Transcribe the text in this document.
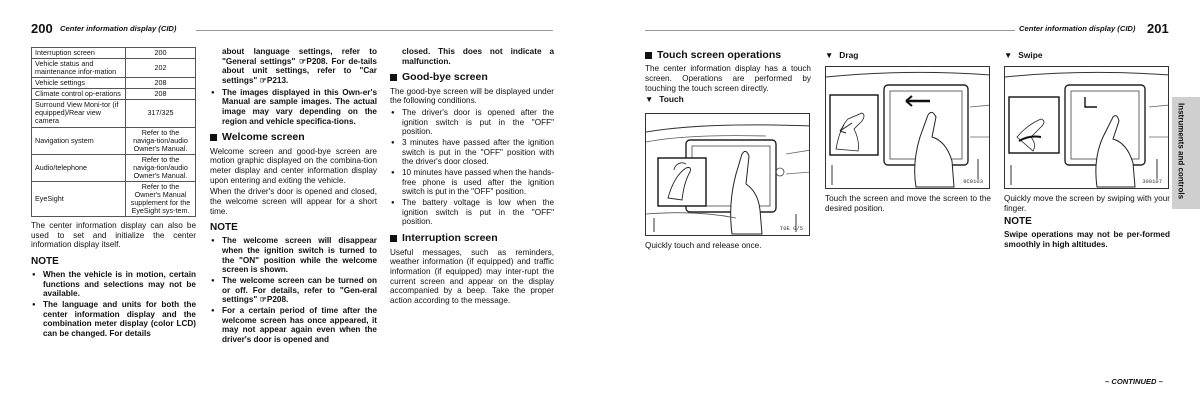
200 Center information display (CID)
Interruption screen	200
Vehicle status and maintenance infor-mation	202
Vehicle settings	208
Climate control op-erations	208
Surround View Moni-tor (if equipped)/Rear view camera	317/325
Navigation system	Refer to the naviga-tion/audio Owner's Manual.
Audio/telephone	Refer to the naviga-tion/audio Owner's Manual.
EyeSight	Refer to the Owner's Manual supplement for the EyeSight sys-tem.

The center information display can also be used to set and initialize the center information display itself.

NOTE
● When the vehicle is in motion, certain functions and selections may not be available.
● The language and units for both the center information display and the combination meter display (color LCD) can be changed. For details

about language settings, refer to "General settings" ☞P208. For de-tails about unit settings, refer to "Car settings" ☞P213.

● The images displayed in this Own-er's Manual are sample images. The actual image may vary depending on the region and vehicle specifica-tions.
Welcome screen

Welcome screen and good-bye screen are motion graphic displayed on the combina-tion meter display and center information display upon entering and exiting the vehicle.

When the driver's door is opened and closed, the welcome screen will appear for a short time.

NOTE
● The welcome screen will disappear when the ignition switch is turned to the "ON" position while the welcome screen is shown.
● The welcome screen can be turned on or off. For details, refer to "Gen-eral settings" ☞P208.
● For a certain period of time after the welcome screen has once appeared, it may not appear again even when the driver's door is opened and

closed. This does not indicate a malfunction.

Good-bye screen

The good-bye screen will be displayed under the following conditions.

● The driver's door is opened after the ignition switch is put in the "OFF" position.
● 3 minutes have passed after the ignition switch is put in the "OFF" position with the driver's door closed.
● 10 minutes have passed when the hands-free phone is used after the ignition switch is put in the "OFF" position.
● The battery voltage is low when the ignition switch is put in the "OFF" position.
Interruption screen

Useful messages, such as reminders, weather information (if equipped) and traffic information (if equipped) may inter-rupt the current screen and appear on the display accompanied by a beep. Take the proper action according to the message.

Center information display (CID) 201
Touch screen operations

The center information display has a touch screen. Operations are performed by touching the touch screen directly.

▼ Touch
T0E 0/5

Quickly touch and release once.

▼ Drag
9C0103

Touch the screen and move the screen to the desired position.

▼ Swipe
300107

Quickly move the screen by swiping with your finger.

NOTE

Swipe operations may not be per-formed smoothly in high altitudes.

Instruments and controls
– CONTINUED –
